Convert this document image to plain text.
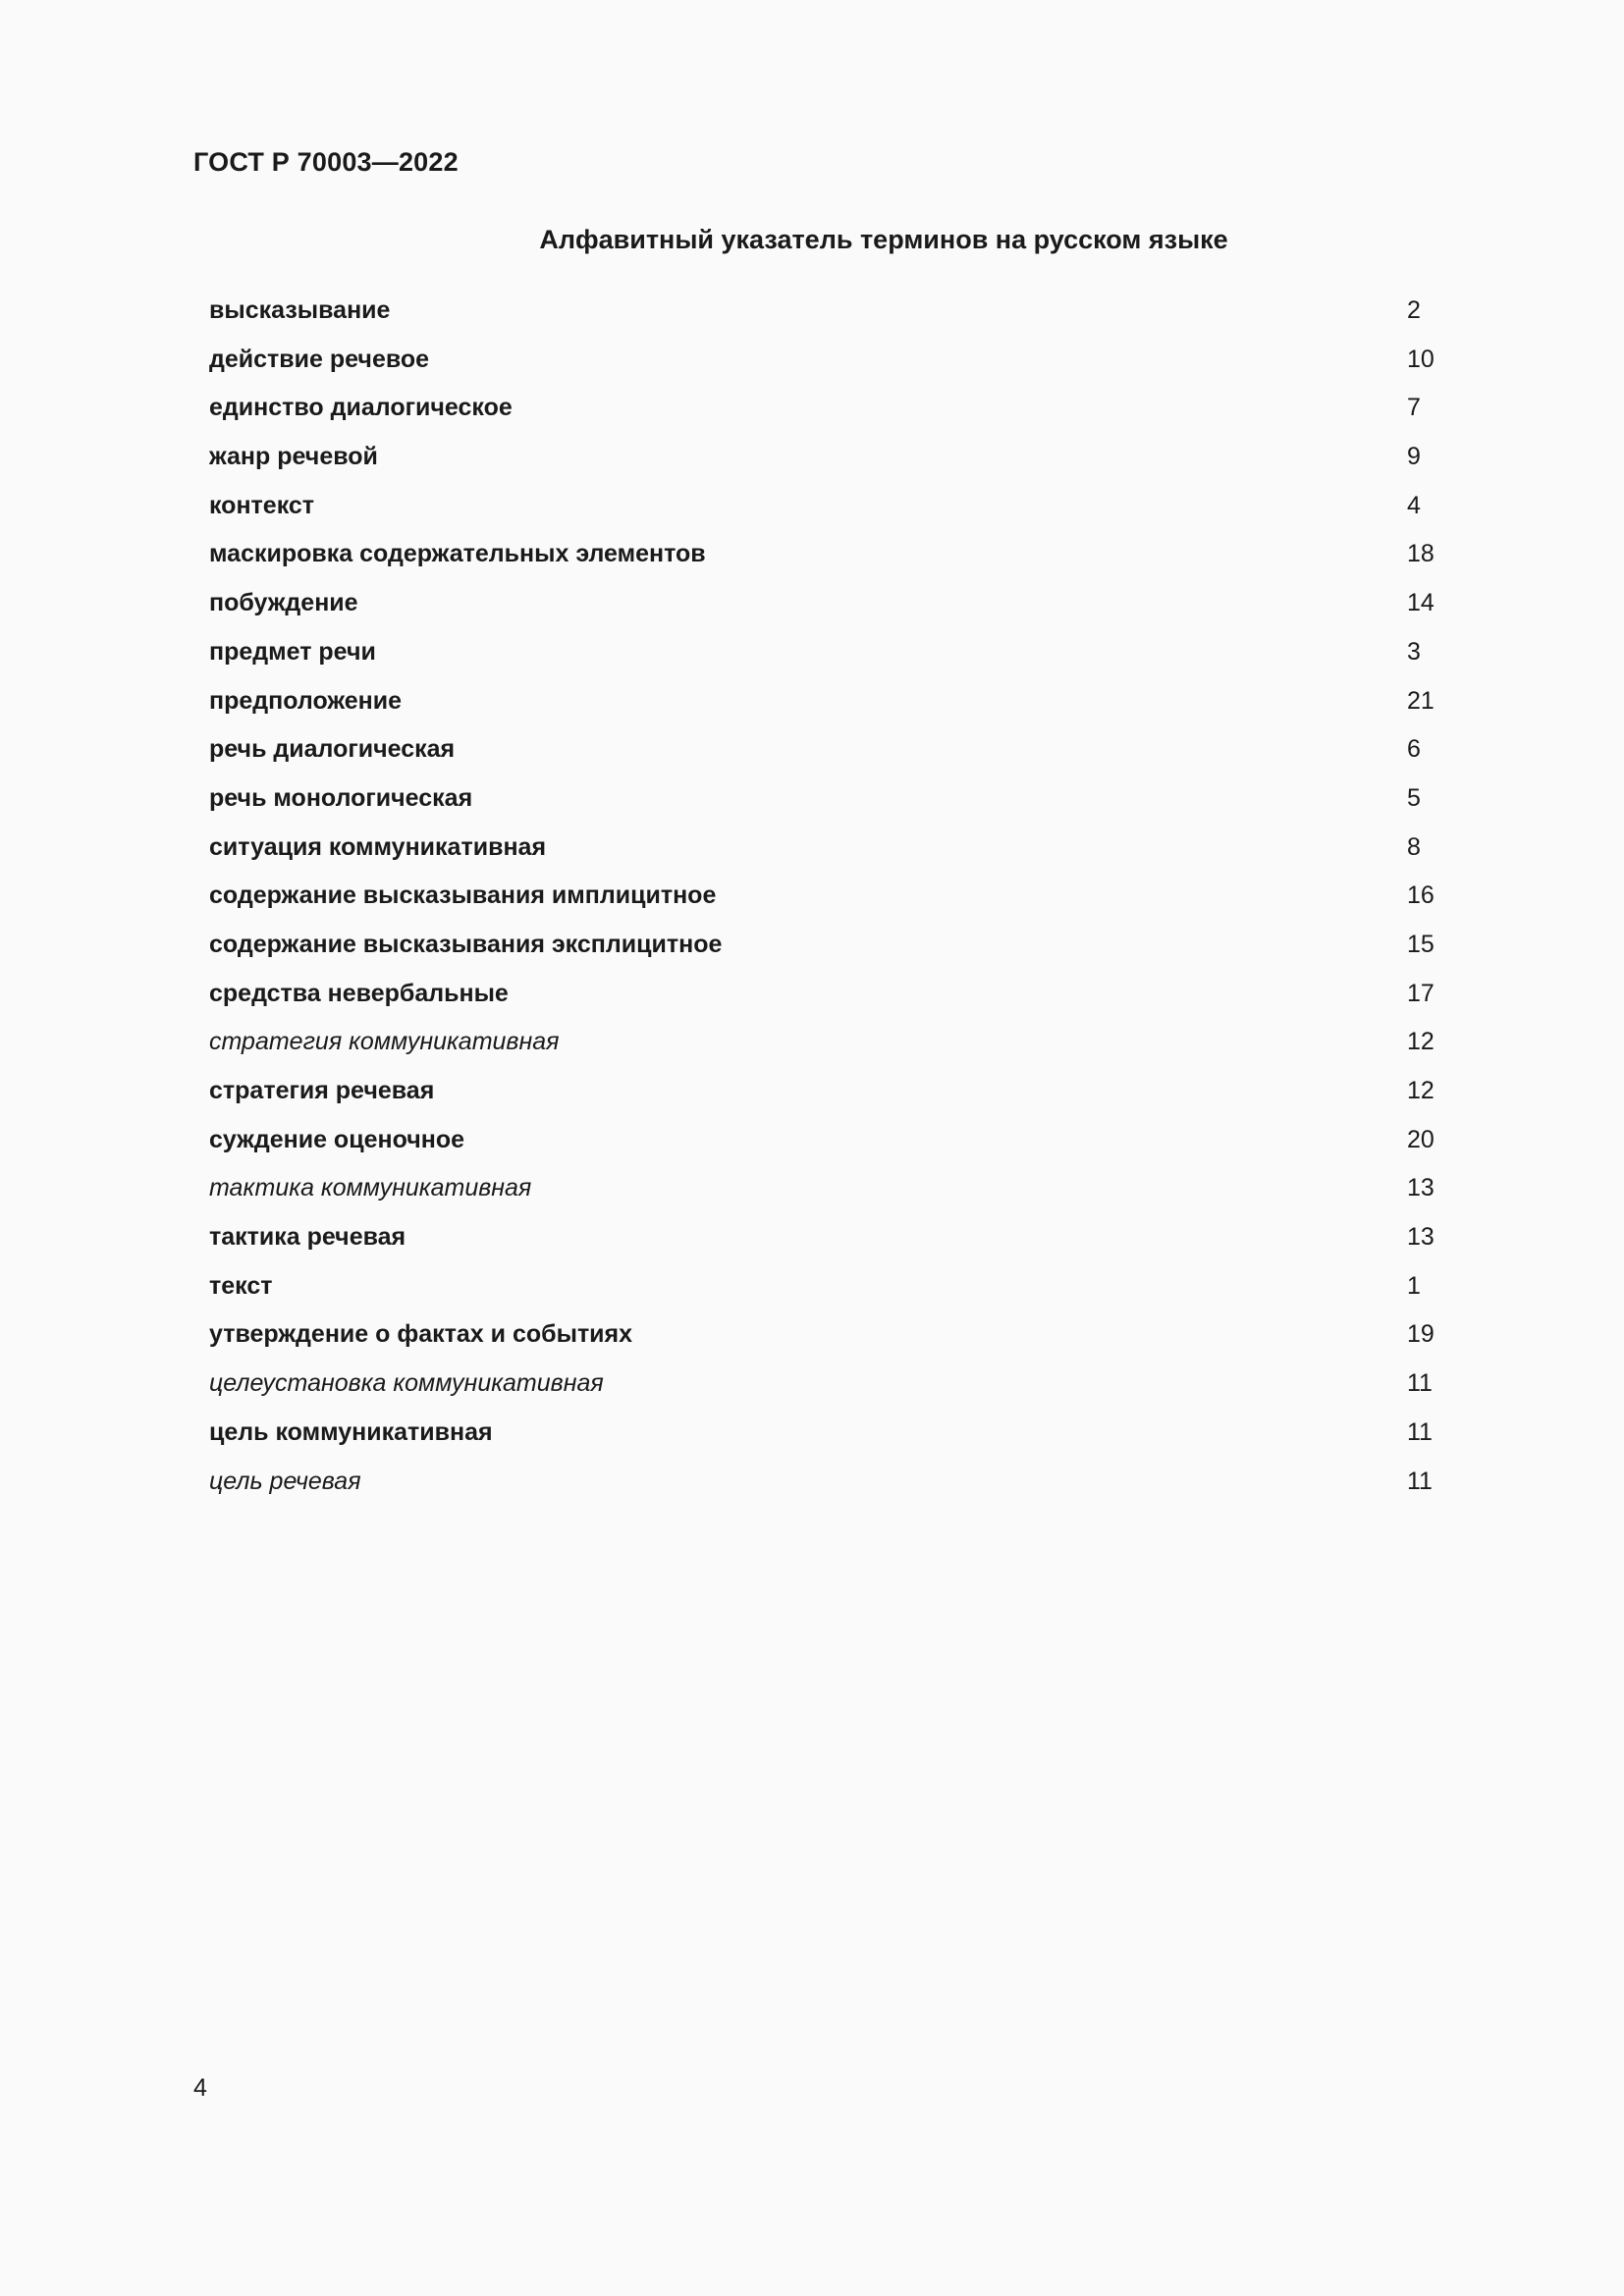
ГОСТ Р 70003—2022
Алфавитный указатель терминов на русском языке
высказывание	2
действие речевое	10
единство диалогическое	7
жанр речевой	9
контекст	4
маскировка содержательных элементов	18
побуждение	14
предмет речи	3
предположение	21
речь диалогическая	6
речь монологическая	5
ситуация коммуникативная	8
содержание высказывания имплицитное	16
содержание высказывания эксплицитное	15
средства невербальные	17
стратегия коммуникативная	12
стратегия речевая	12
суждение оценочное	20
тактика коммуникативная	13
тактика речевая	13
текст	1
утверждение о фактах и событиях	19
целеустановка коммуникативная	11
цель коммуникативная	11
цель речевая	11
4
